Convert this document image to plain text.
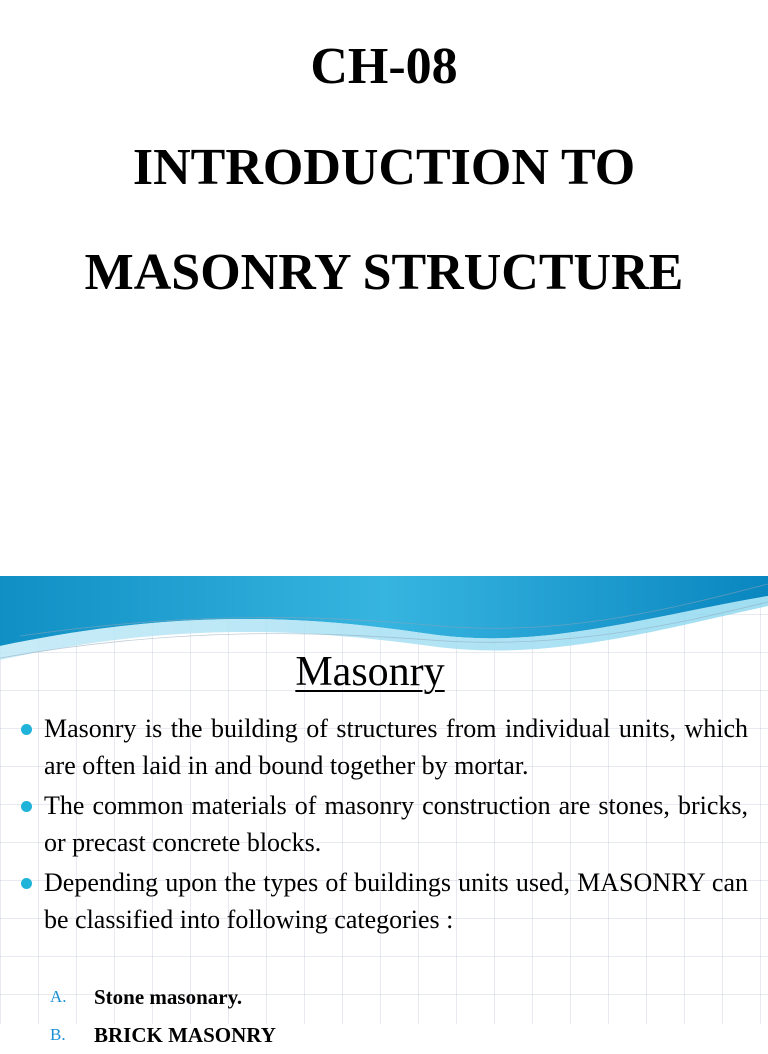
CH-08
INTRODUCTION TO
MASONRY STRUCTURE
Masonry
Masonry is the building of structures from individual units, which are often laid in and bound together by mortar.
The common materials of masonry construction are stones, bricks, or precast concrete blocks.
Depending upon the types of buildings units used, MASONRY can be classified into following categories :
A. Stone masonary.
B. BRICK MASONRY
